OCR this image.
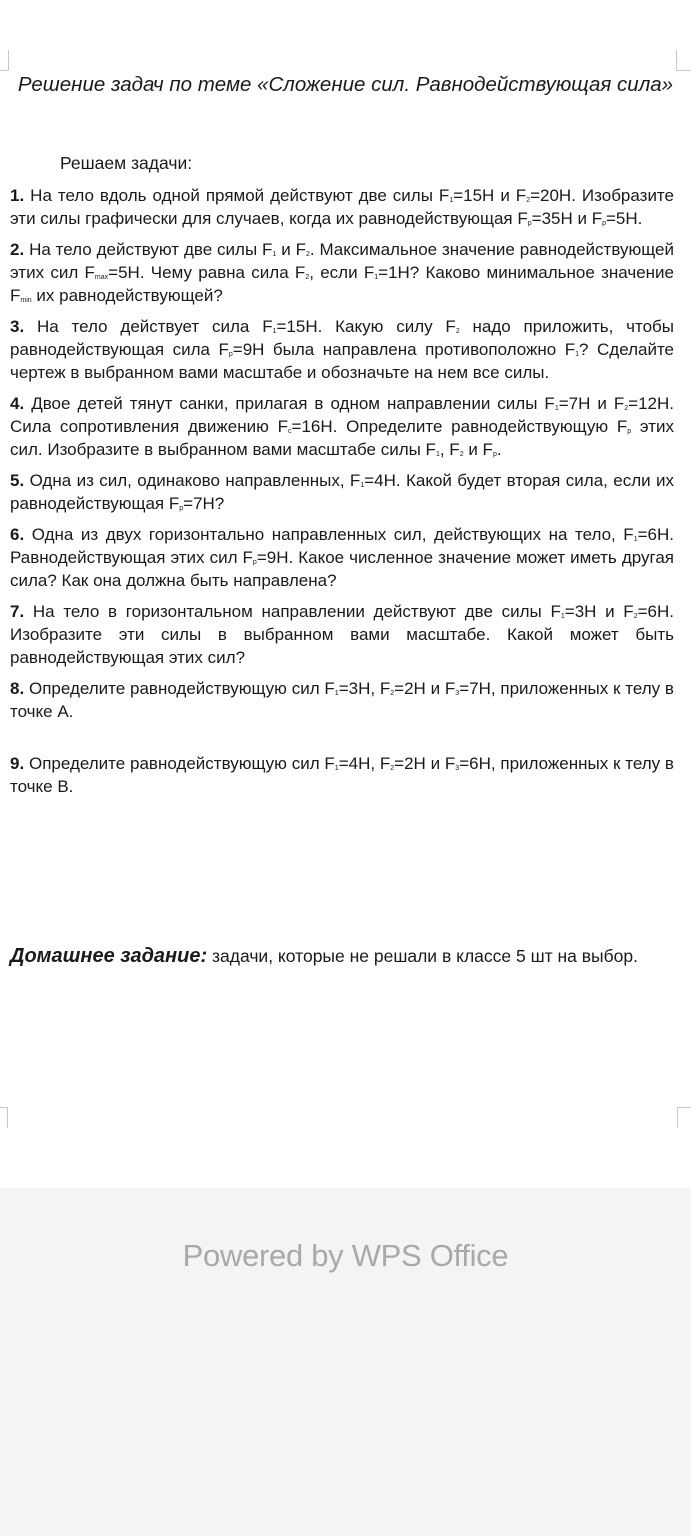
Решение задач по теме «Сложение сил. Равнодействующая сила»
Решаем задачи:

1. На тело вдоль одной прямой действуют две силы $F_1=15Н$ и $F_2=20Н$. Изобразите эти силы графически для случаев, когда их равнодействующая $F_р=35Н$ и $F_р=5Н$.

2. На тело действуют две силы $F_1$ и $F_2$. Максимальное значение равнодействующей этих сил $F_{max}=5Н$. Чему равна сила $F_2$, если $F_1=1Н$? Каково минимальное значение $F_{min}$ их равнодействующей?

3. На тело действует сила $F_1=15Н$. Какую силу $F_2$ надо приложить, чтобы равнодействующая сила $F_р=9Н$ была направлена противоположно $F_1$? Сделайте чертеж в выбранном вами масштабе и обозначьте на нем все силы.

4. Двое детей тянут санки, прилагая в одном направлении силы $F_1=7Н$ и $F_2=12Н$. Сила сопротивления движению $F_с=16Н$. Определите равнодействующую $F_р$ этих сил. Изобразите в выбранном вами масштабе силы $F_1$, $F_2$ и $F_р$.

5. Одна из сил, одинаково направленных, $F_1=4Н$. Какой будет вторая сила, если их равнодействующая $F_р=7Н$?

6. Одна из двух горизонтально направленных сил, действующих на тело, $F_1=6Н$. Равнодействующая этих сил $F_р=9Н$. Какое численное значение может иметь другая сила? Как она должна быть направлена?

7. На тело в горизонтальном направлении действуют две силы $F_1=3Н$ и $F_2=6Н$. Изобразите эти силы в выбранном вами масштабе. Какой может быть равнодействующая этих сил?

8. Определите равнодействующую сил $F_1=3Н$, $F_2=2Н$ и $F_3=7Н$, приложенных к телу в точке А.

9. Определите равнодействующую сил $F_1=4Н$, $F_2=2Н$ и $F_3=6Н$, приложенных к телу в точке В.

Домашнее задание: задачи, которые не решали в классе 5 шт на выбор.
Powered by WPS Office
